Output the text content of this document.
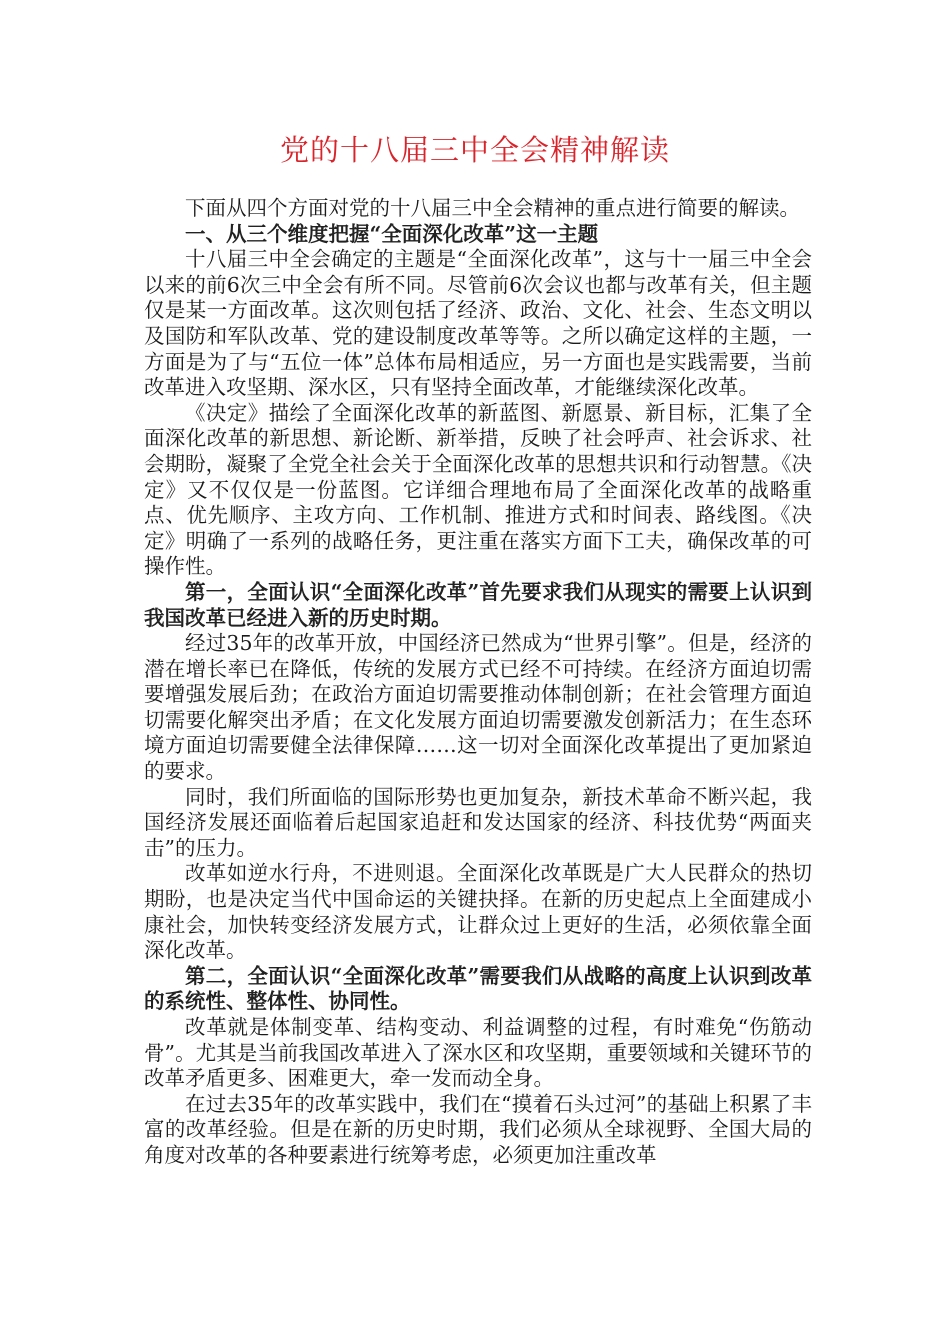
党的十八届三中全会精神解读

下面从四个方面对党的十八届三中全会精神的重点进行简要的解读。

一、从三个维度把握“全面深化改革”这一主题

十八届三中全会确定的主题是“全面深化改革”，这与十一届三中全会以来的前6次三中全会有所不同。尽管前6次会议也都与改革有关，但主题仅是某一方面改革。这次则包括了经济、政治、文化、社会、生态文明以及国防和军队改革、党的建设制度改革等等。之所以确定这样的主题，一方面是为了与“五位一体”总体布局相适应，另一方面也是实践需要，当前改革进入攻坚期、深水区，只有坚持全面改革，才能继续深化改革。

《决定》描绘了全面深化改革的新蓝图、新愿景、新目标，汇集了全面深化改革的新思想、新论断、新举措，反映了社会呼声、社会诉求、社会期盼，凝聚了全党全社会关于全面深化改革的思想共识和行动智慧。《决定》又不仅仅是一份蓝图。它详细合理地布局了全面深化改革的战略重点、优先顺序、主攻方向、工作机制、推进方式和时间表、路线图。《决定》明确了一系列的战略任务，更注重在落实方面下工夫，确保改革的可操作性。

第一，全面认识“全面深化改革”首先要求我们从现实的需要上认识到我国改革已经进入新的历史时期。

经过35年的改革开放，中国经济已然成为“世界引擎”。但是，经济的潜在增长率已在降低，传统的发展方式已经不可持续。在经济方面迫切需要增强发展后劲；在政治方面迫切需要推动体制创新；在社会管理方面迫切需要化解突出矛盾；在文化发展方面迫切需要激发创新活力；在生态环境方面迫切需要健全法律保障……这一切对全面深化改革提出了更加紧迫的要求。

同时，我们所面临的国际形势也更加复杂，新技术革命不断兴起，我国经济发展还面临着后起国家追赶和发达国家的经济、科技优势“两面夹击”的压力。

改革如逆水行舟，不进则退。全面深化改革既是广大人民群众的热切期盼，也是决定当代中国命运的关键抉择。在新的历史起点上全面建成小康社会，加快转变经济发展方式，让群众过上更好的生活，必须依靠全面深化改革。

第二，全面认识“全面深化改革”需要我们从战略的高度上认识到改革的系统性、整体性、协同性。

改革就是体制变革、结构变动、利益调整的过程，有时难免“伤筋动骨”。尤其是当前我国改革进入了深水区和攻坚期，重要领域和关键环节的改革矛盾更多、困难更大，牵一发而动全身。

在过去35年的改革实践中，我们在“摸着石头过河”的基础上积累了丰富的改革经验。但是在新的历史时期，我们必须从全球视野、全国大局的角度对改革的各种要素进行统筹考虑，必须更加注重改革
